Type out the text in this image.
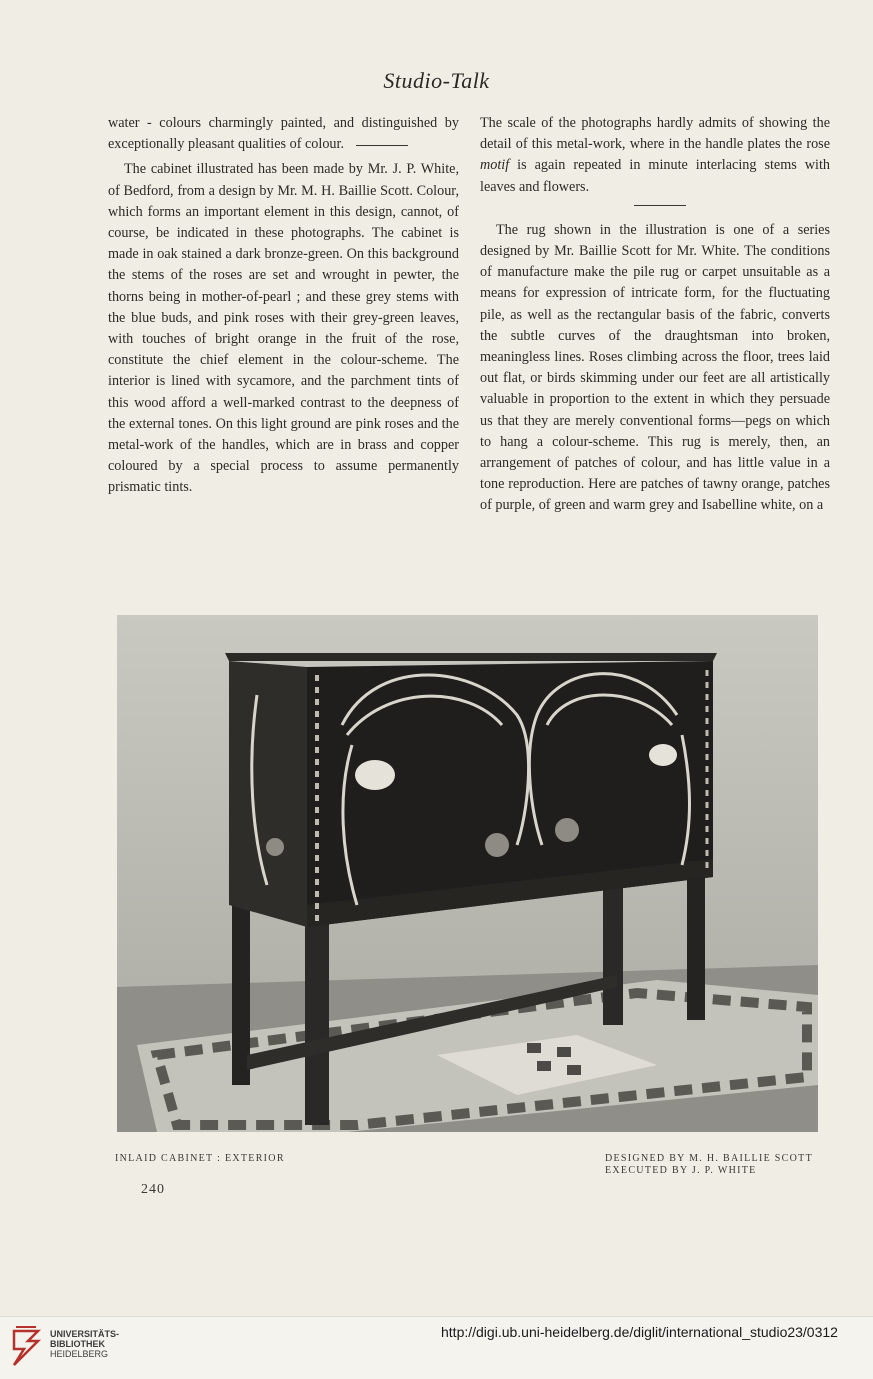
Studio-Talk

water - colours charmingly painted, and distinguished by exceptionally pleasant qualities of colour.

The cabinet illustrated has been made by Mr. J. P. White, of Bedford, from a design by Mr. M. H. Baillie Scott. Colour, which forms an important element in this design, cannot, of course, be indicated in these photographs. The cabinet is made in oak stained a dark bronze-green. On this background the stems of the roses are set and wrought in pewter, the thorns being in mother-of-pearl ; and these grey stems with the blue buds, and pink roses with their grey-green leaves, with touches of bright orange in the fruit of the rose, constitute the chief element in the colour-scheme. The interior is lined with sycamore, and the parchment tints of this wood afford a well-marked contrast to the deepness of the external tones. On this light ground are pink roses and the metal-work of the handles, which are in brass and copper coloured by a special process to assume permanently prismatic tints.

The scale of the photographs hardly admits of showing the detail of this metal-work, where in the handle plates the rose motif is again repeated in minute interlacing stems with leaves and flowers.

The rug shown in the illustration is one of a series designed by Mr. Baillie Scott for Mr. White. The conditions of manufacture make the pile rug or carpet unsuitable as a means for expression of intricate form, for the fluctuating pile, as well as the rectangular basis of the fabric, converts the subtle curves of the draughtsman into broken, meaningless lines. Roses climbing across the floor, trees laid out flat, or birds skimming under our feet are all artistically valuable in proportion to the extent in which they persuade us that they are merely conventional forms—pegs on which to hang a colour-scheme. This rug is merely, then, an arrangement of patches of colour, and has little value in a tone reproduction. Here are patches of tawny orange, patches of purple, of green and warm grey and Isabelline white, on a

INLAID CABINET : EXTERIOR	DESIGNED BY M. H. BAILLIE SCOTT
EXECUTED BY J. P. WHITE
240
UNIVERSITÄTS-
BIBLIOTHEK
HEIDELBERG
http://digi.ub.uni-heidelberg.de/diglit/international_studio23/0312
